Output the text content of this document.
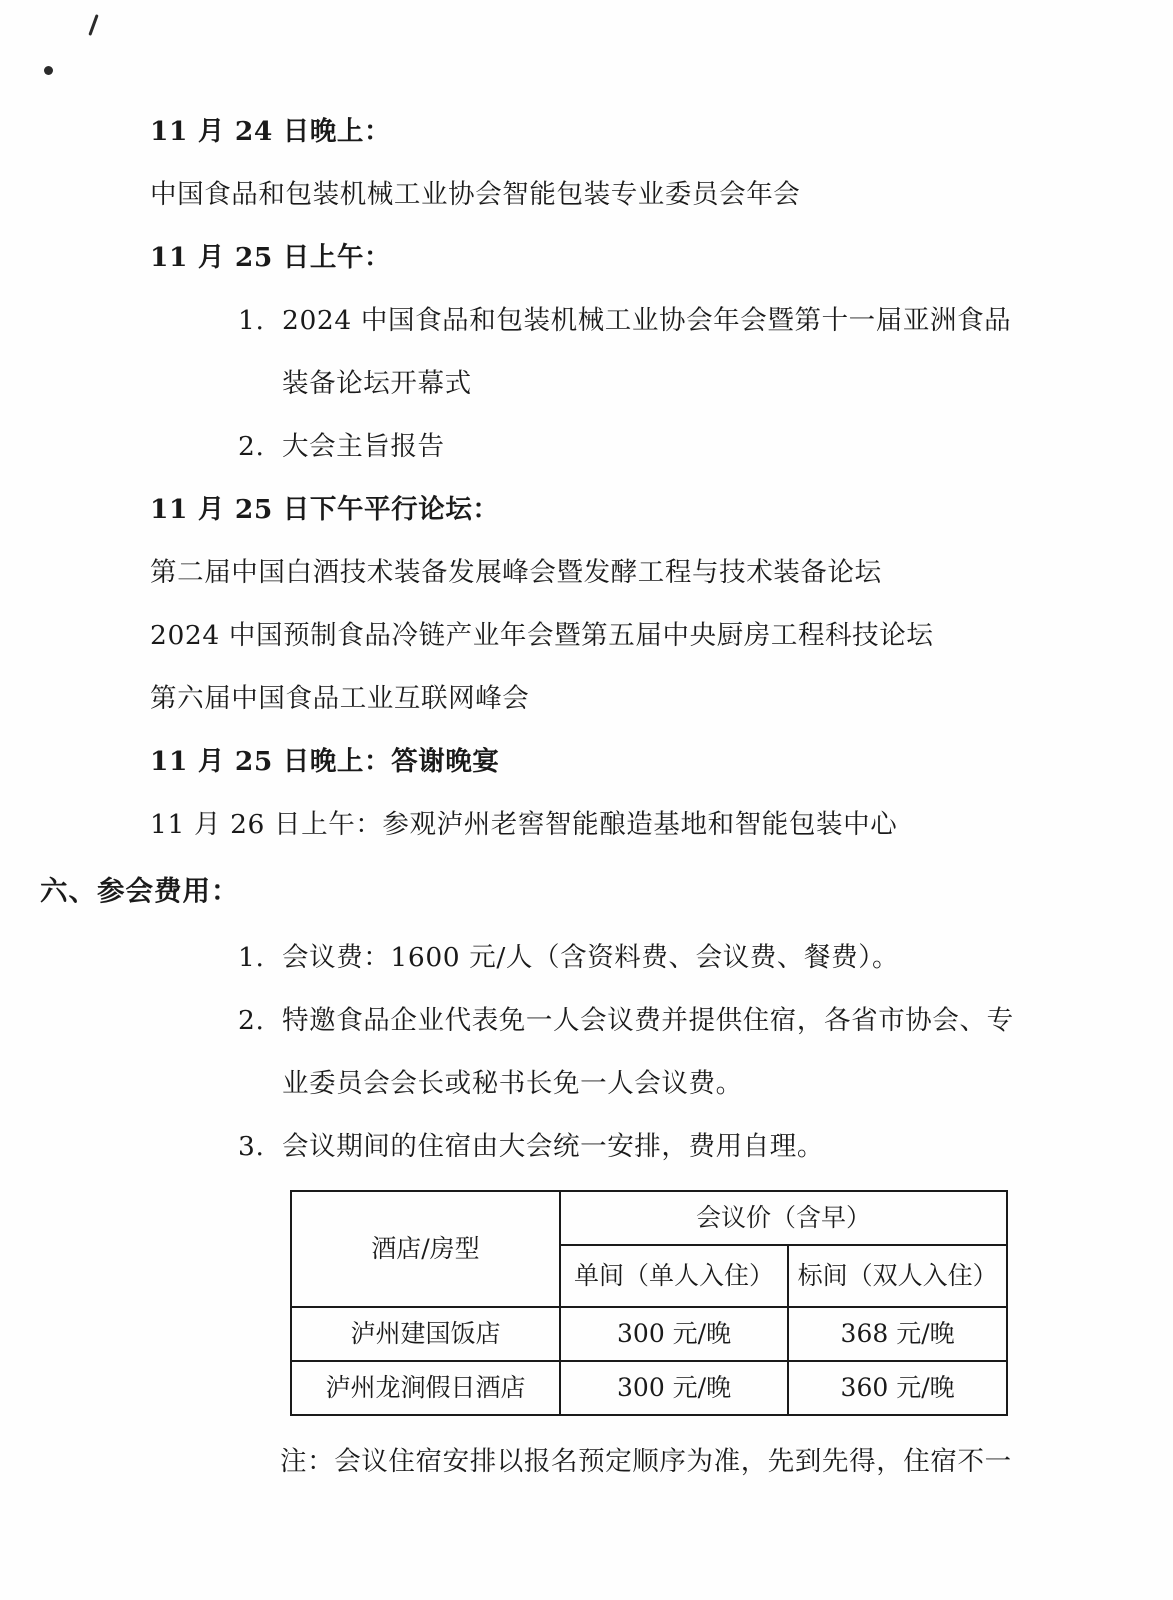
11 月 24 日晚上：
中国食品和包装机械工业协会智能包装专业委员会年会
11 月 25 日上午：
1. 2024 中国食品和包装机械工业协会年会暨第十一届亚洲食品
装备论坛开幕式
2. 大会主旨报告
11 月 25 日下午平行论坛：
第二届中国白酒技术装备发展峰会暨发酵工程与技术装备论坛
2024 中国预制食品冷链产业年会暨第五届中央厨房工程科技论坛
第六届中国食品工业互联网峰会
11 月 25 日晚上：答谢晚宴
11 月 26 日上午：参观泸州老窖智能酿造基地和智能包装中心
六、参会费用：
1. 会议费：1600 元/人（含资料费、会议费、餐费）。
2. 特邀食品企业代表免一人会议费并提供住宿，各省市协会、专
业委员会会长或秘书长免一人会议费。
3. 会议期间的住宿由大会统一安排，费用自理。
酒店/房型	会议价（含早）	
	单间（单人入住）	标间（双人入住）
泸州建国饭店	300 元/晚	368 元/晚
泸州龙涧假日酒店	300 元/晚	360 元/晚
注：会议住宿安排以报名预定顺序为准，先到先得，住宿不一
